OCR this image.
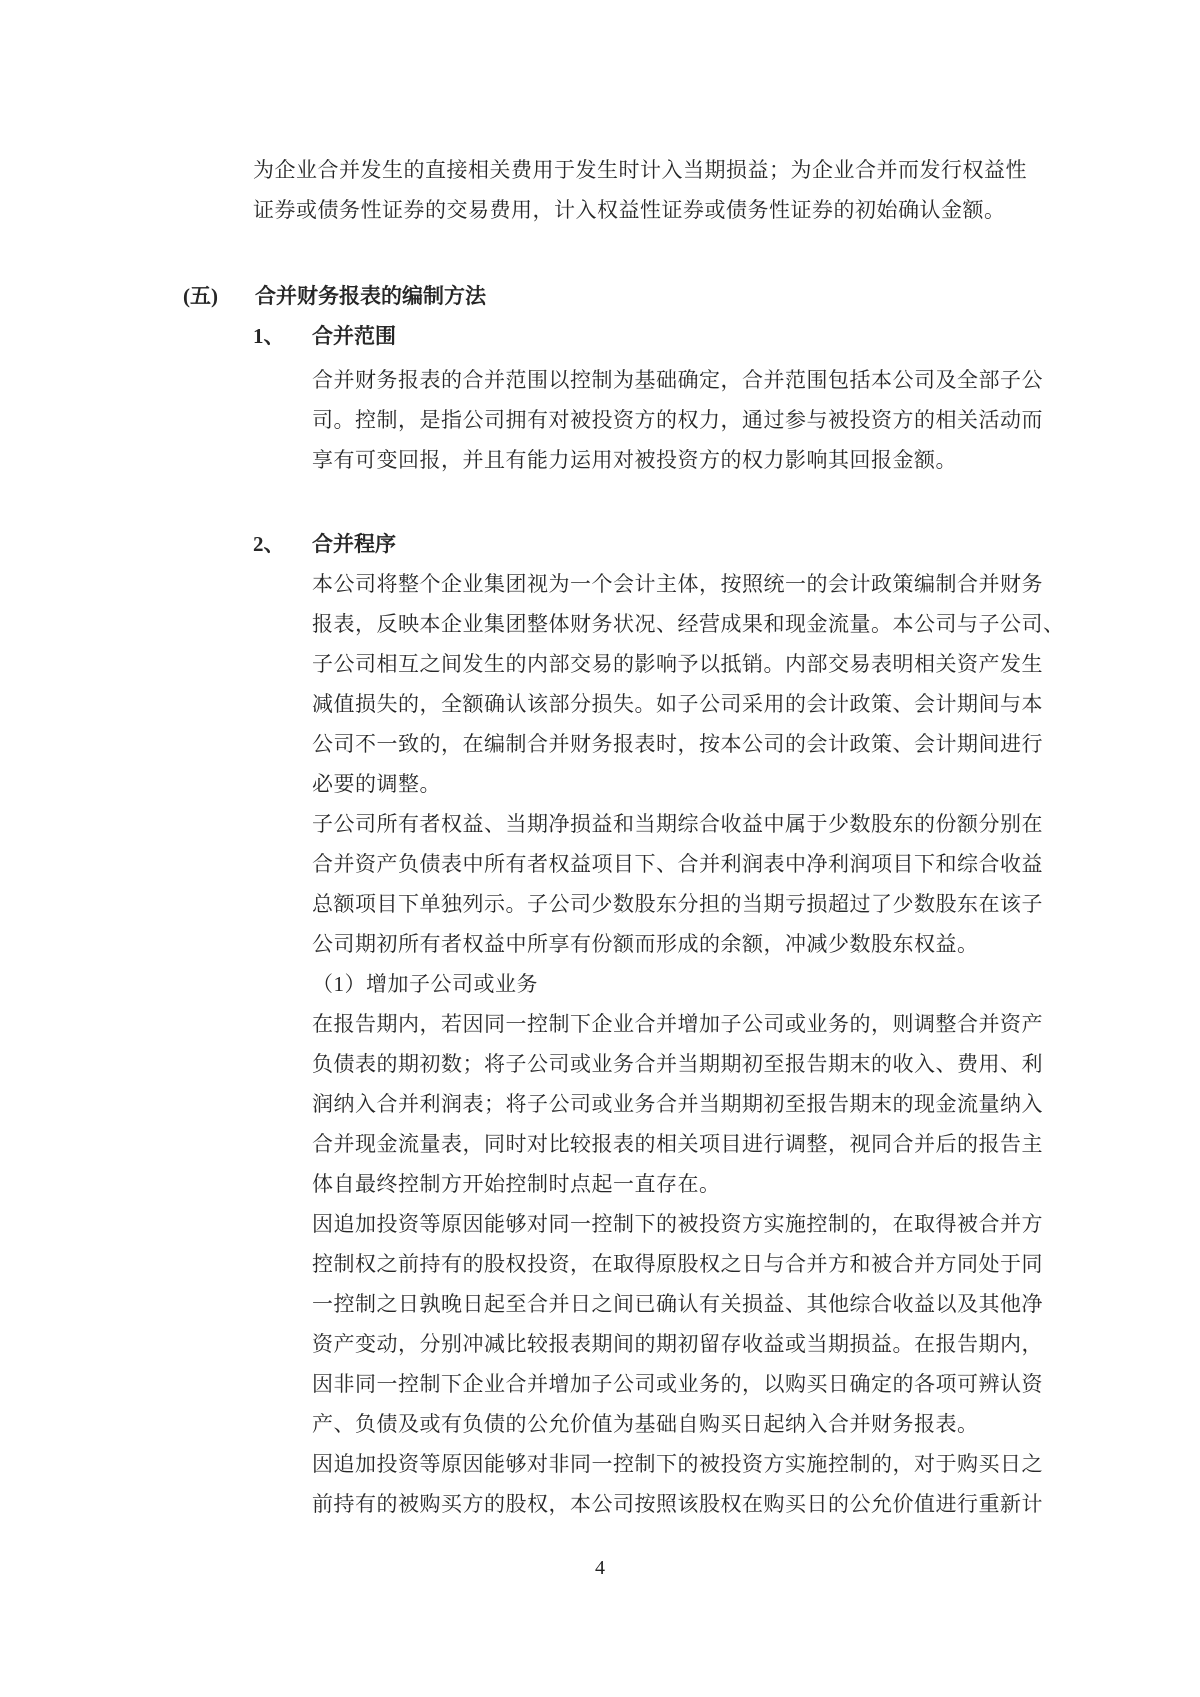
为企业合并发生的直接相关费用于发生时计入当期损益；为企业合并而发行权益性
证券或债务性证券的交易费用，计入权益性证券或债务性证券的初始确认金额。
(五) 合并财务报表的编制方法
1、 合并范围
合并财务报表的合并范围以控制为基础确定，合并范围包括本公司及全部子公
司。控制，是指公司拥有对被投资方的权力，通过参与被投资方的相关活动而
享有可变回报，并且有能力运用对被投资方的权力影响其回报金额。
2、 合并程序
本公司将整个企业集团视为一个会计主体，按照统一的会计政策编制合并财务
报表，反映本企业集团整体财务状况、经营成果和现金流量。本公司与子公司、
子公司相互之间发生的内部交易的影响予以抵销。内部交易表明相关资产发生
减值损失的，全额确认该部分损失。如子公司采用的会计政策、会计期间与本
公司不一致的，在编制合并财务报表时，按本公司的会计政策、会计期间进行
必要的调整。
子公司所有者权益、当期净损益和当期综合收益中属于少数股东的份额分别在
合并资产负债表中所有者权益项目下、合并利润表中净利润项目下和综合收益
总额项目下单独列示。子公司少数股东分担的当期亏损超过了少数股东在该子
公司期初所有者权益中所享有份额而形成的余额，冲减少数股东权益。
（1）增加子公司或业务
在报告期内，若因同一控制下企业合并增加子公司或业务的，则调整合并资产
负债表的期初数；将子公司或业务合并当期期初至报告期末的收入、费用、利
润纳入合并利润表；将子公司或业务合并当期期初至报告期末的现金流量纳入
合并现金流量表，同时对比较报表的相关项目进行调整，视同合并后的报告主
体自最终控制方开始控制时点起一直存在。
因追加投资等原因能够对同一控制下的被投资方实施控制的，在取得被合并方
控制权之前持有的股权投资，在取得原股权之日与合并方和被合并方同处于同
一控制之日孰晚日起至合并日之间已确认有关损益、其他综合收益以及其他净
资产变动，分别冲减比较报表期间的期初留存收益或当期损益。在报告期内，
因非同一控制下企业合并增加子公司或业务的，以购买日确定的各项可辨认资
产、负债及或有负债的公允价值为基础自购买日起纳入合并财务报表。
因追加投资等原因能够对非同一控制下的被投资方实施控制的，对于购买日之
前持有的被购买方的股权，本公司按照该股权在购买日的公允价值进行重新计
4
